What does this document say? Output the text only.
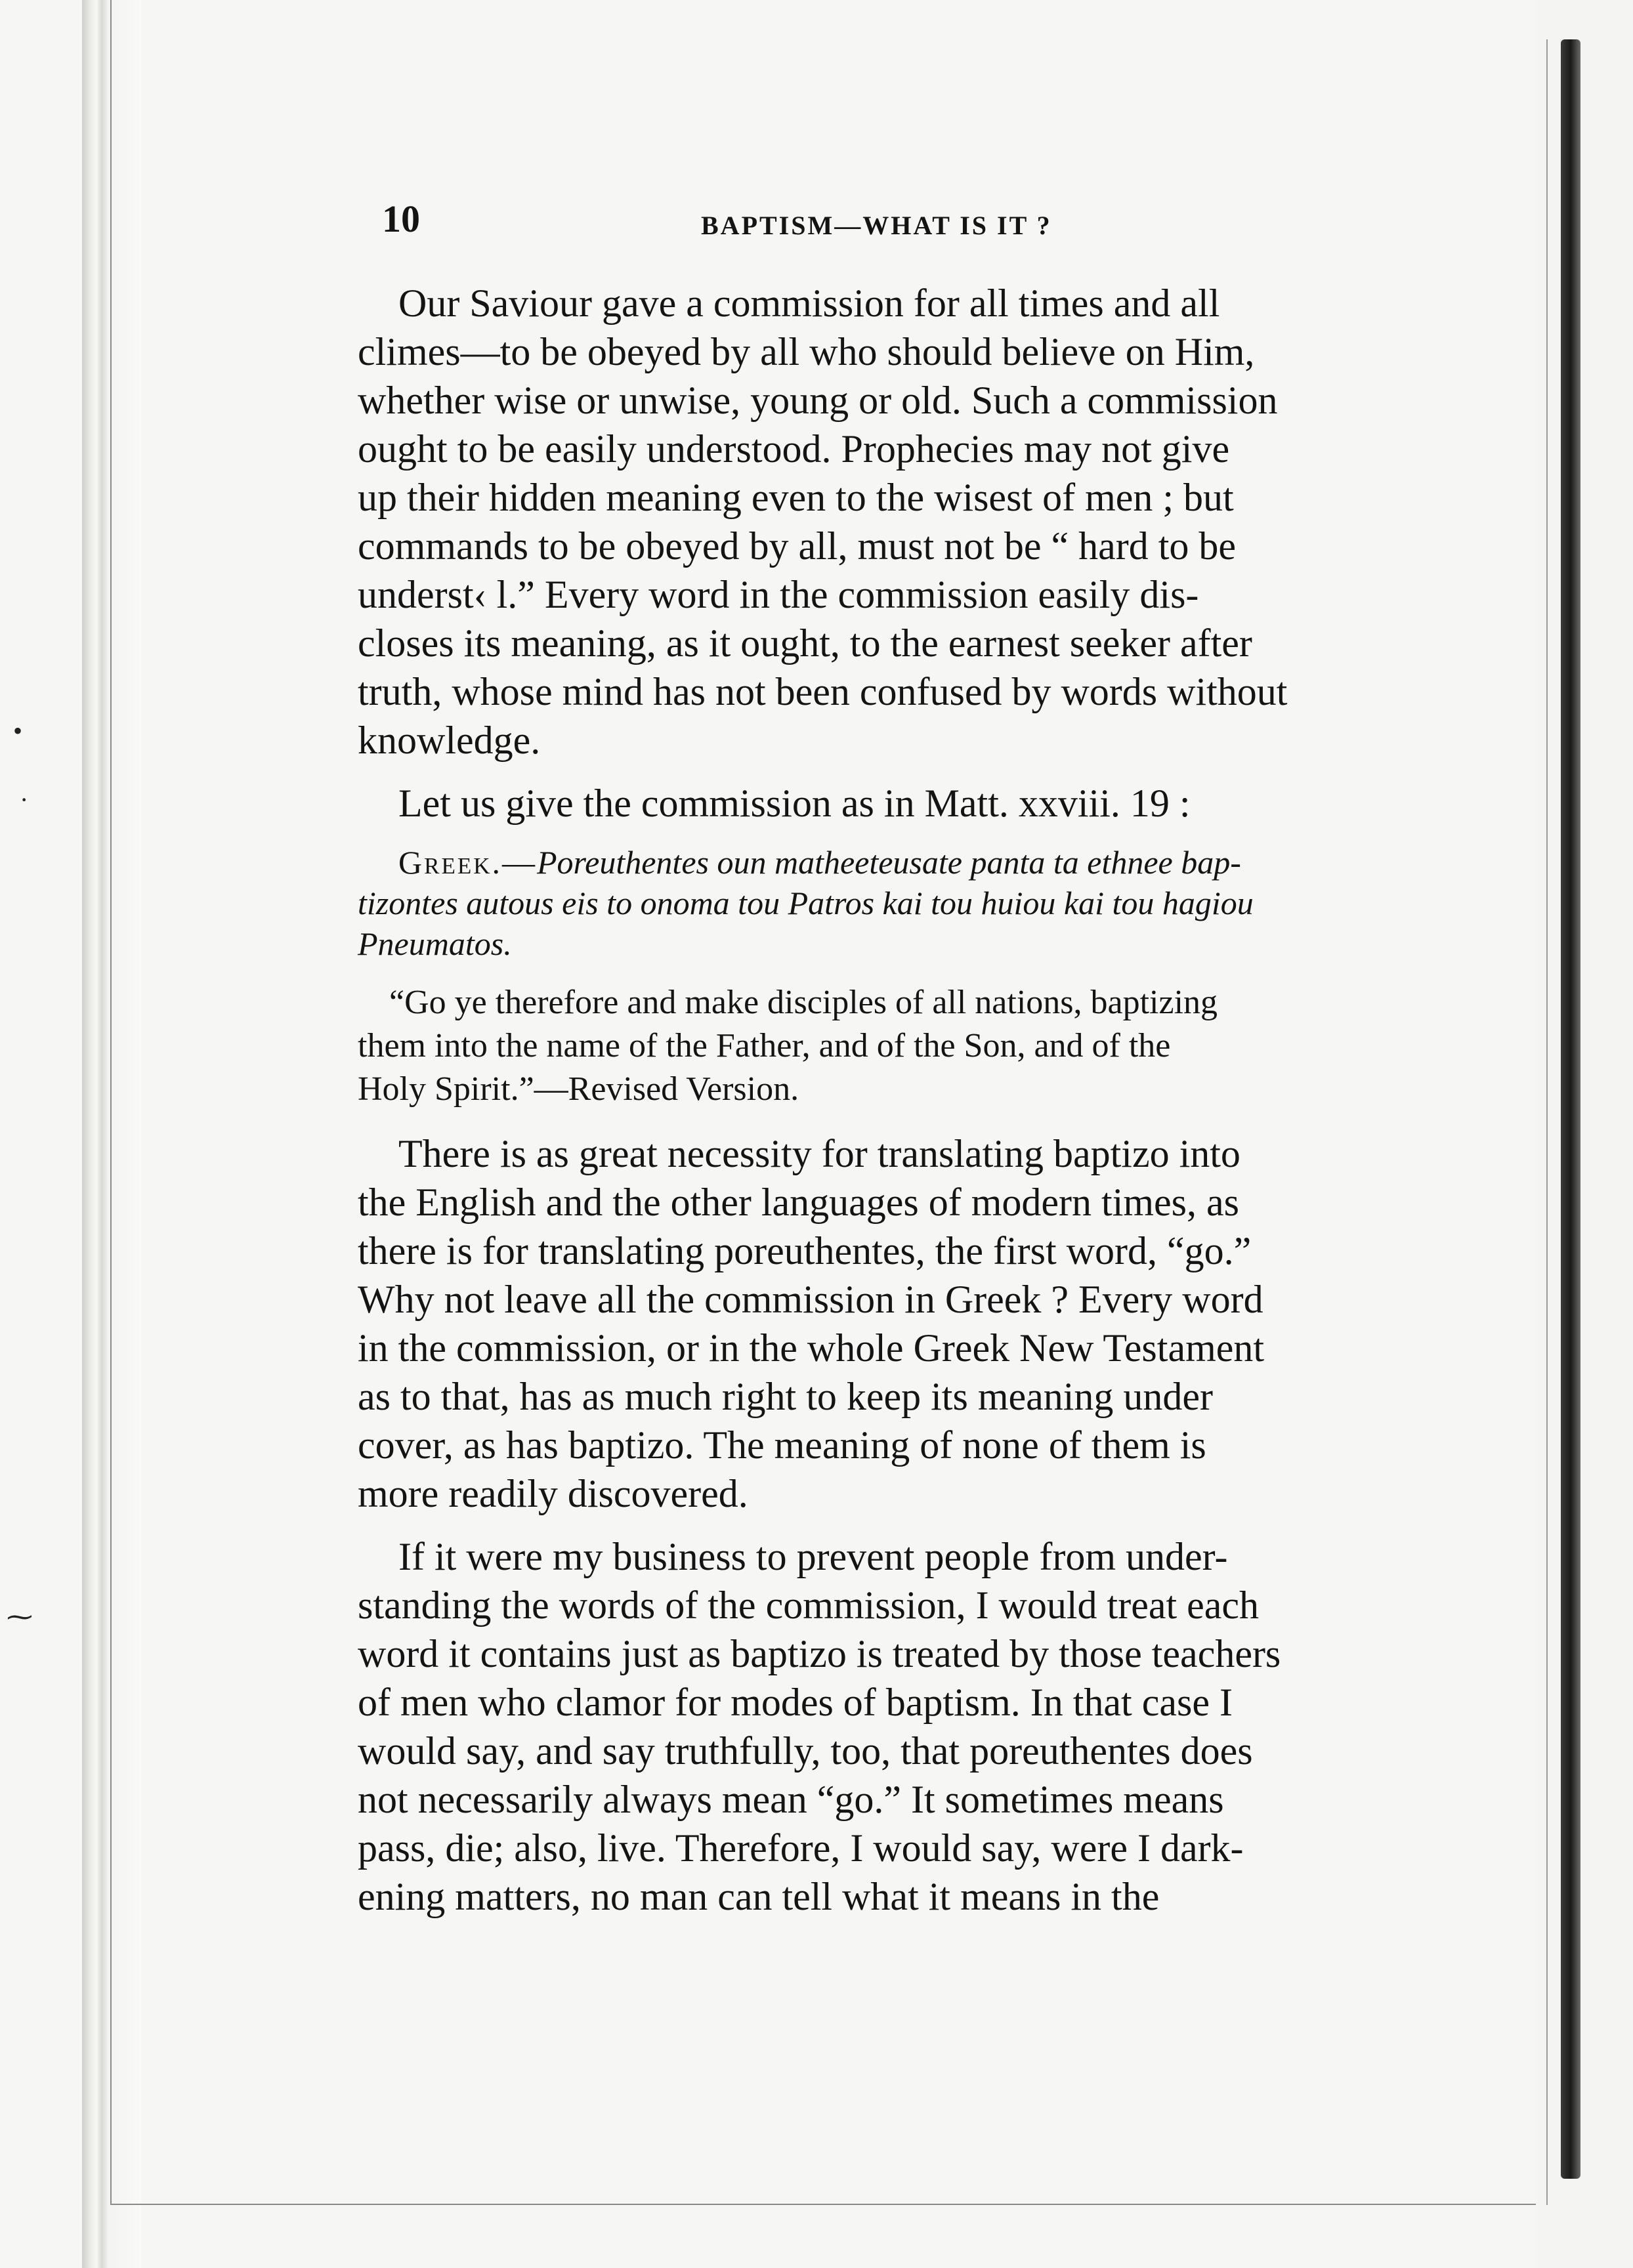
•
·
⁓
10	BAPTISM—WHAT IS IT ?
Our Saviour gave a commission for all times and all
climes—to be obeyed by all who should believe on Him,
whether wise or unwise, young or old. Such a commission
ought to be easily understood. Prophecies may not give
up their hidden meaning even to the wisest of men ; but
commands to be obeyed by all, must not be “ hard to be
underst‹ l.” Every word in the commission easily dis-
closes its meaning, as it ought, to the earnest seeker after
truth, whose mind has not been confused by words without
knowledge.
Let us give the commission as in Matt. xxviii. 19 :
Greek.—Poreuthentes oun matheeteusate panta ta ethnee bap-
tizontes autous eis to onoma tou Patros kai tou huiou kai tou hagiou
Pneumatos.
“Go ye therefore and make disciples of all nations, baptizing
them into the name of the Father, and of the Son, and of the
Holy Spirit.”—Revised Version.
There is as great necessity for translating baptizo into
the English and the other languages of modern times, as
there is for translating poreuthentes, the first word, “go.”
Why not leave all the commission in Greek ? Every word
in the commission, or in the whole Greek New Testament
as to that, has as much right to keep its meaning under
cover, as has baptizo. The meaning of none of them is
more readily discovered.
If it were my business to prevent people from under-
standing the words of the commission, I would treat each
word it contains just as baptizo is treated by those teachers
of men who clamor for modes of baptism. In that case I
would say, and say truthfully, too, that poreuthentes does
not necessarily always mean “go.” It sometimes means
pass, die; also, live. Therefore, I would say, were I dark-
ening matters, no man can tell what it means in the
